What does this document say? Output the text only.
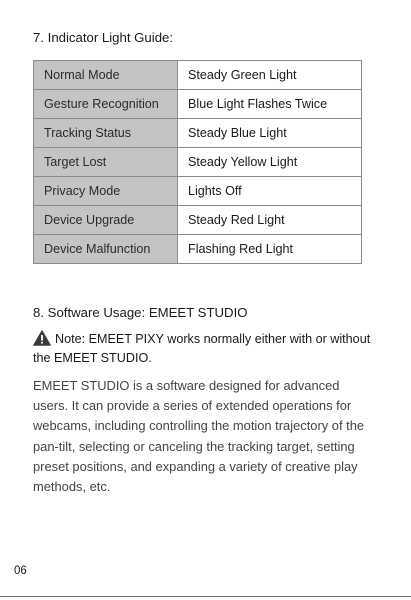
7. Indicator Light Guide:
Normal Mode	Steady Green Light
Gesture Recognition	Blue Light Flashes Twice
Tracking Status	Steady Blue Light
Target Lost	Steady Yellow Light
Privacy Mode	Lights Off
Device Upgrade	Steady Red Light
Device Malfunction	Flashing Red Light
8. Software Usage: EMEET STUDIO
Note: EMEET PIXY works normally either with or without the EMEET STUDIO.
EMEET STUDIO is a software designed for advanced users. It can provide a series of extended operations for webcams, including controlling the motion trajectory of the pan-tilt, selecting or canceling the tracking target, setting preset positions, and expanding a variety of creative play methods, etc.
06
